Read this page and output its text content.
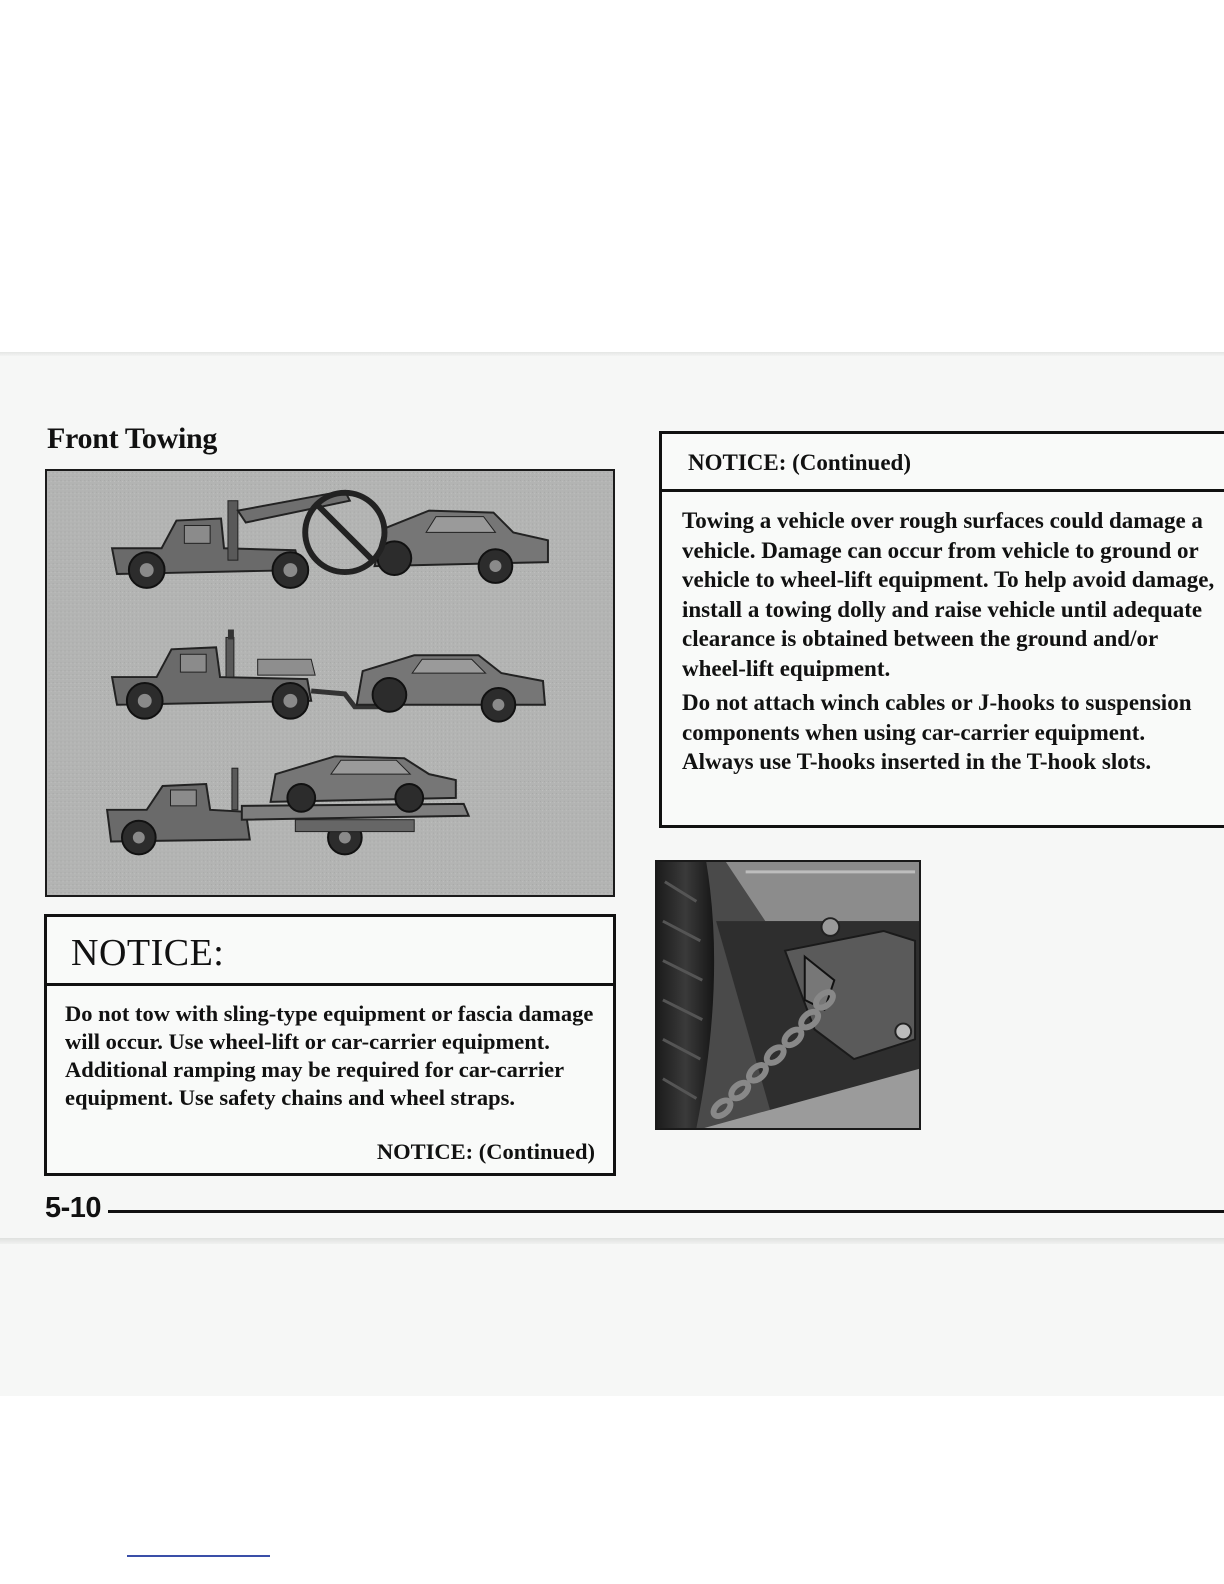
Front Towing
NOTICE:
Do not tow with sling-type equipment or fascia damage will occur. Use wheel-lift or car-carrier equipment. Additional ramping may be required for car-carrier equipment. Use safety chains and wheel straps.
NOTICE: (Continued)
NOTICE: (Continued)

Towing a vehicle over rough surfaces could damage a vehicle. Damage can occur from vehicle to ground or vehicle to wheel-lift equipment. To help avoid damage, install a towing dolly and raise vehicle until adequate clearance is obtained between the ground and/or wheel-lift equipment.

Do not attach winch cables or J-hooks to suspension components when using car-carrier equipment. Always use T-hooks inserted in the T-hook slots.

5-10
